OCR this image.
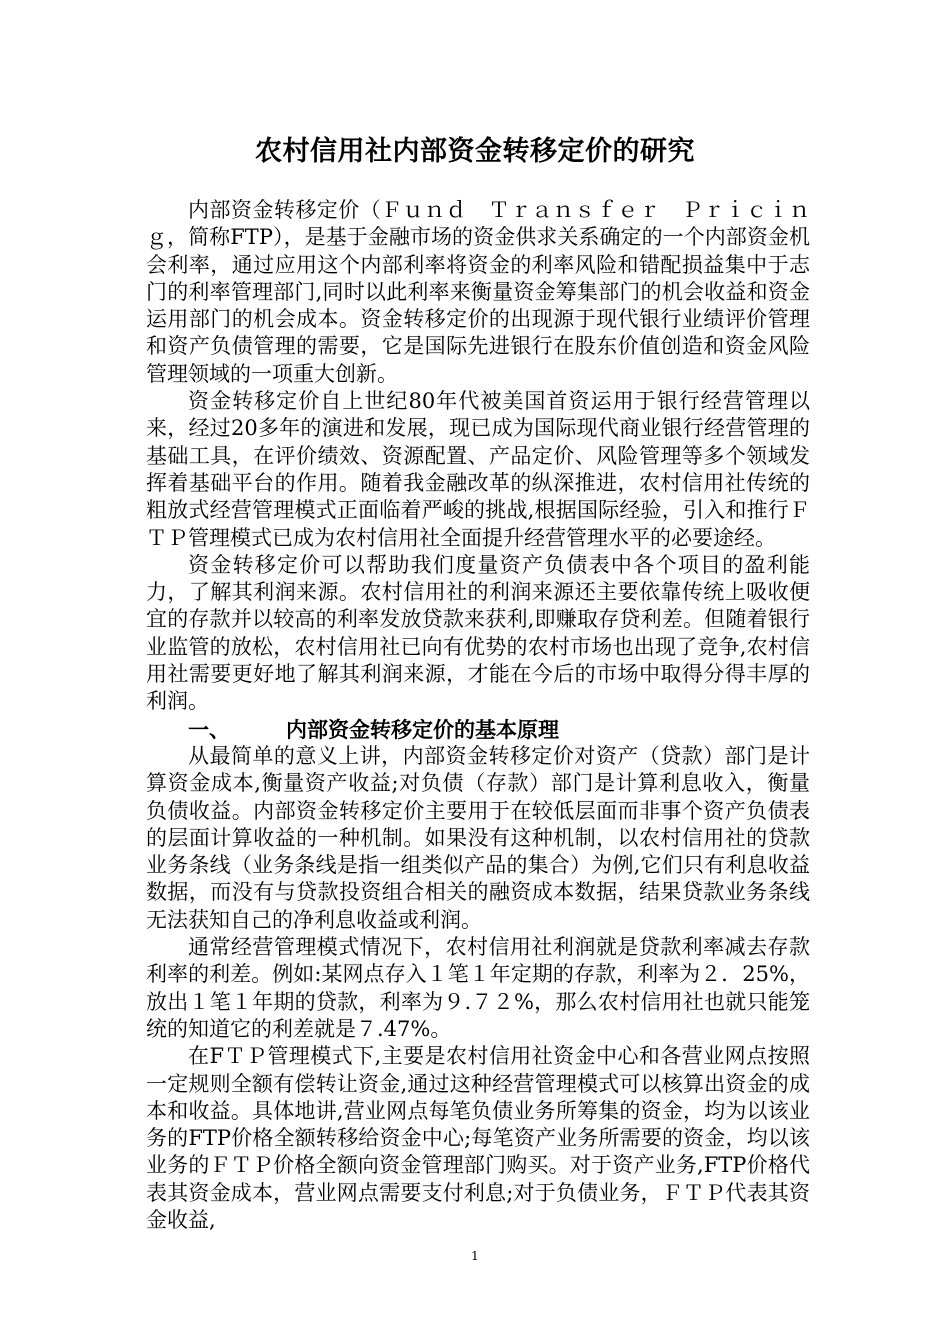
农村信用社内部资金转移定价的研究

内部资金转移定价（Ｆｕｎｄ　Ｔｒａｎｓｆｅｒ　Ｐｒｉｃｉｎｇ，简称FTP），是基于金融市场的资金供求关系确定的一个内部资金机会利率，通过应用这个内部利率将资金的利率风险和错配损益集中于志门的利率管理部门,同时以此利率来衡量资金筹集部门的机会收益和资金运用部门的机会成本。资金转移定价的出现源于现代银行业绩评价管理和资产负债管理的需要，它是国际先进银行在股东价值创造和资金风险管理领域的一项重大创新。

资金转移定价自上世纪80年代被美国首资运用于银行经营管理以来，经过20多年的演进和发展，现已成为国际现代商业银行经营管理的基础工具，在评价绩效、资源配置、产品定价、风险管理等多个领域发挥着基础平台的作用。随着我金融改革的纵深推进，农村信用社传统的粗放式经营管理模式正面临着严峻的挑战,根据国际经验，引入和推行ＦＴＰ管理模式已成为农村信用社全面提升经营管理水平的必要途经。

资金转移定价可以帮助我们度量资产负债表中各个项目的盈利能力，了解其利润来源。农村信用社的利润来源还主要依靠传统上吸收便宜的存款并以较高的利率发放贷款来获利,即赚取存贷利差。但随着银行业监管的放松，农村信用社已向有优势的农村市场也出现了竞争,农村信用社需要更好地了解其利润来源，才能在今后的市场中取得分得丰厚的利润。

一、	内部资金转移定价的基本原理

从最简单的意义上讲，内部资金转移定价对资产（贷款）部门是计算资金成本,衡量资产收益;对负债（存款）部门是计算利息收入，衡量负债收益。内部资金转移定价主要用于在较低层面而非事个资产负债表的层面计算收益的一种机制。如果没有这种机制，以农村信用社的贷款业务条线（业务条线是指一组类似产品的集合）为例,它们只有利息收益数据，而没有与贷款投资组合相关的融资成本数据，结果贷款业务条线无法获知自己的净利息收益或利润。

通常经营管理模式情况下，农村信用社利润就是贷款利率减去存款利率的利差。例如:某网点存入１笔１年定期的存款，利率为２．25%，放出１笔１年期的贷款，利率为９.７２%，那么农村信用社也就只能笼统的知道它的利差就是７.47%。

在FＴＰ管理模式下,主要是农村信用社资金中心和各营业网点按照一定规则全额有偿转让资金,通过这种经营管理模式可以核算出资金的成本和收益。具体地讲,营业网点每笔负债业务所筹集的资金，均为以该业务的FTP价格全额转移给资金中心;每笔资产业务所需要的资金，均以该业务的ＦＴＰ价格全额向资金管理部门购买。对于资产业务,FTP价格代表其资金成本，营业网点需要支付利息;对于负债业务，ＦＴＰ代表其资金收益,

1
